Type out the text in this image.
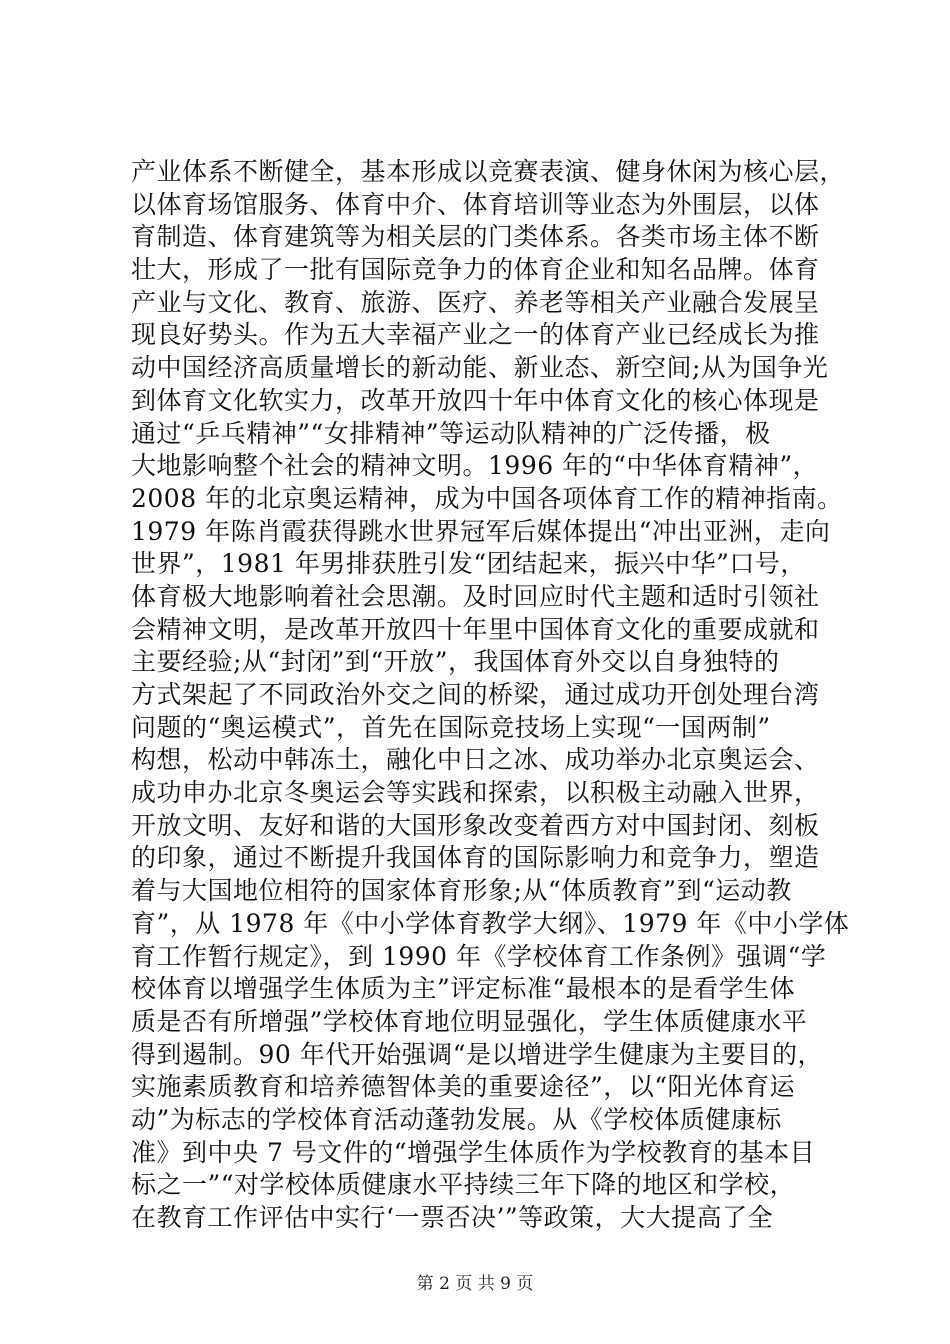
产业体系不断健全，基本形成以竞赛表演、健身休闲为核心层，
以体育场馆服务、体育中介、体育培训等业态为外围层，以体
育制造、体育建筑等为相关层的门类体系。各类市场主体不断
壮大，形成了一批有国际竞争力的体育企业和知名品牌。体育
产业与文化、教育、旅游、医疗、养老等相关产业融合发展呈
现良好势头。作为五大幸福产业之一的体育产业已经成长为推
动中国经济高质量增长的新动能、新业态、新空间;从为国争光
到体育文化软实力，改革开放四十年中体育文化的核心体现是
通过“乒乓精神”“女排精神”等运动队精神的广泛传播，极
大地影响整个社会的精神文明。1996 年的“中华体育精神”，
2008 年的北京奥运精神，成为中国各项体育工作的精神指南。
1979 年陈肖霞获得跳水世界冠军后媒体提出“冲出亚洲，走向
世界”，1981 年男排获胜引发“团结起来，振兴中华”口号，
体育极大地影响着社会思潮。及时回应时代主题和适时引领社
会精神文明，是改革开放四十年里中国体育文化的重要成就和
主要经验;从“封闭”到“开放”，我国体育外交以自身独特的
方式架起了不同政治外交之间的桥梁，通过成功开创处理台湾
问题的“奥运模式”，首先在国际竞技场上实现“一国两制”
构想，松动中韩冻土，融化中日之冰、成功举办北京奥运会、
成功申办北京冬奥运会等实践和探索，以积极主动融入世界，
开放文明、友好和谐的大国形象改变着西方对中国封闭、刻板
的印象，通过不断提升我国体育的国际影响力和竞争力，塑造
着与大国地位相符的国家体育形象;从“体质教育”到“运动教
育”，从 1978 年《中小学体育教学大纲》、1979 年《中小学体
育工作暂行规定》，到 1990 年《学校体育工作条例》强调“学
校体育以增强学生体质为主”评定标准“最根本的是看学生体
质是否有所增强”学校体育地位明显强化，学生体质健康水平
得到遏制。90 年代开始强调“是以增进学生健康为主要目的，
实施素质教育和培养德智体美的重要途径”，以“阳光体育运
动”为标志的学校体育活动蓬勃发展。从《学校体质健康标
准》到中央 7 号文件的“增强学生体质作为学校教育的基本目
标之一”“对学校体质健康水平持续三年下降的地区和学校，
在教育工作评估中实行‘一票否决’”等政策，大大提高了全
第 2 页 共 9 页
